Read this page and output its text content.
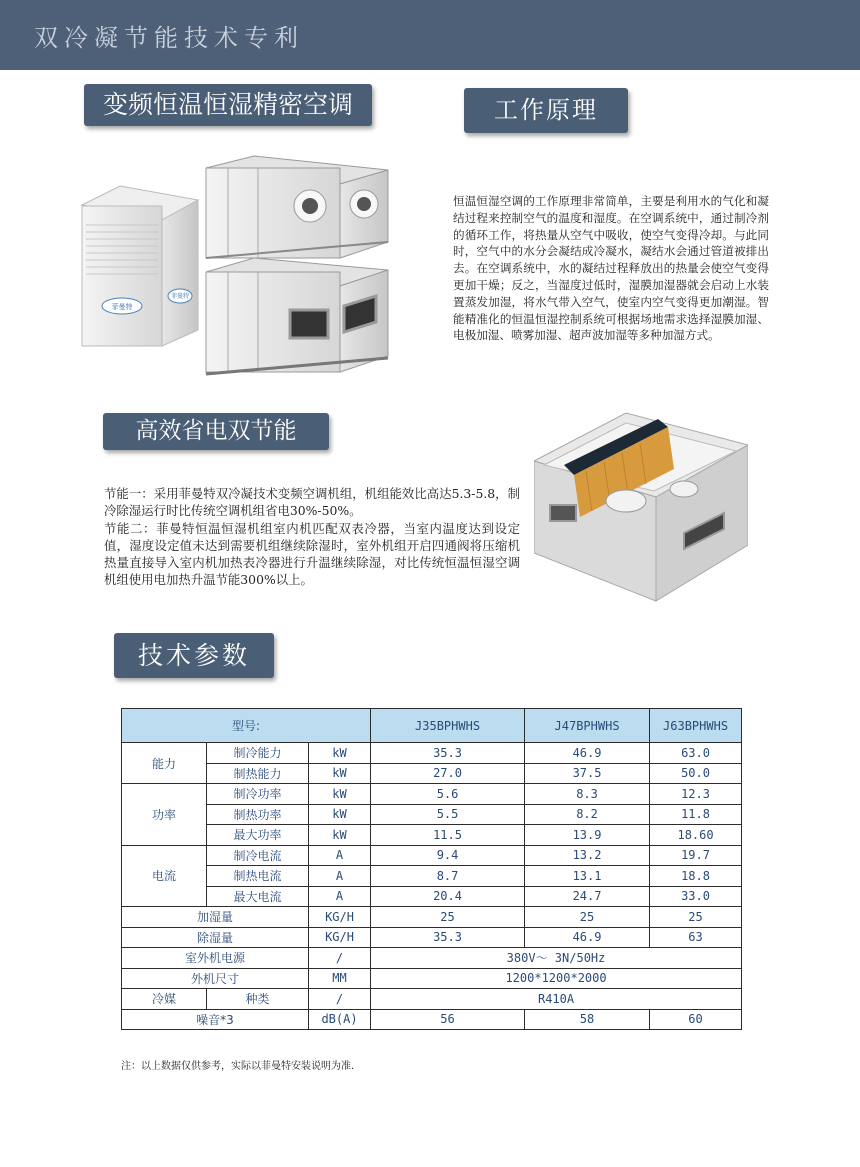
双冷凝节能技术专利
变频恒温恒湿精密空调	工作原理
菲曼特
菲曼特
恒温恒湿空调的工作原理非常简单，主要是利用水的气化和凝结过程来控制空气的温度和湿度。在空调系统中，通过制冷剂的循环工作，将热量从空气中吸收，使空气变得冷却。与此同时，空气中的水分会凝结成冷凝水，凝结水会通过管道被排出去。在空调系统中，水的凝结过程释放出的热量会使空气变得更加干燥；反之，当湿度过低时，湿膜加湿器就会启动上水装置蒸发加湿，将水气带入空气，使室内空气变得更加潮湿。智能精准化的恒温恒湿控制系统可根据场地需求选择湿膜加湿、电极加湿、喷雾加湿、超声波加湿等多种加湿方式。
高效省电双节能

节能一：采用菲曼特双冷凝技术变频空调机组，机组能效比高达5.3-5.8，制冷除湿运行时比传统空调机组省电30%-50%。

节能二：菲曼特恒温恒湿机组室内机匹配双表冷器，当室内温度达到设定值，湿度设定值未达到需要机组继续除湿时，室外机组开启四通阀将压缩机热量直接导入室内机加热表冷器进行升温继续除湿，对比传统恒温恒湿空调机组使用电加热升温节能300%以上。

技术参数
型号:			J35BPHWHS	J47BPHWHS	J63BPHWHS
能力	制冷能力	kW	35.3	46.9	63.0
	制热能力	kW	27.0	37.5	50.0
功率	制冷功率	kW	5.6	8.3	12.3
	制热功率	kW	5.5	8.2	11.8
	最大功率	kW	11.5	13.9	18.60
电流	制冷电流	A	9.4	13.2	19.7
	制热电流	A	8.7	13.1	18.8
	最大电流	A	20.4	24.7	33.0
加湿量		KG/H	25	25	25
除湿量		KG/H	35.3	46.9	63
室外机电源		/	380V～ 3N/50Hz		
外机尺寸		MM	1200*1200*2000		
冷媒	种类	/	R410A		
噪音*3		dB(A)	56	58	60
注：以上数据仅供参考，实际以菲曼特安装说明为准.
